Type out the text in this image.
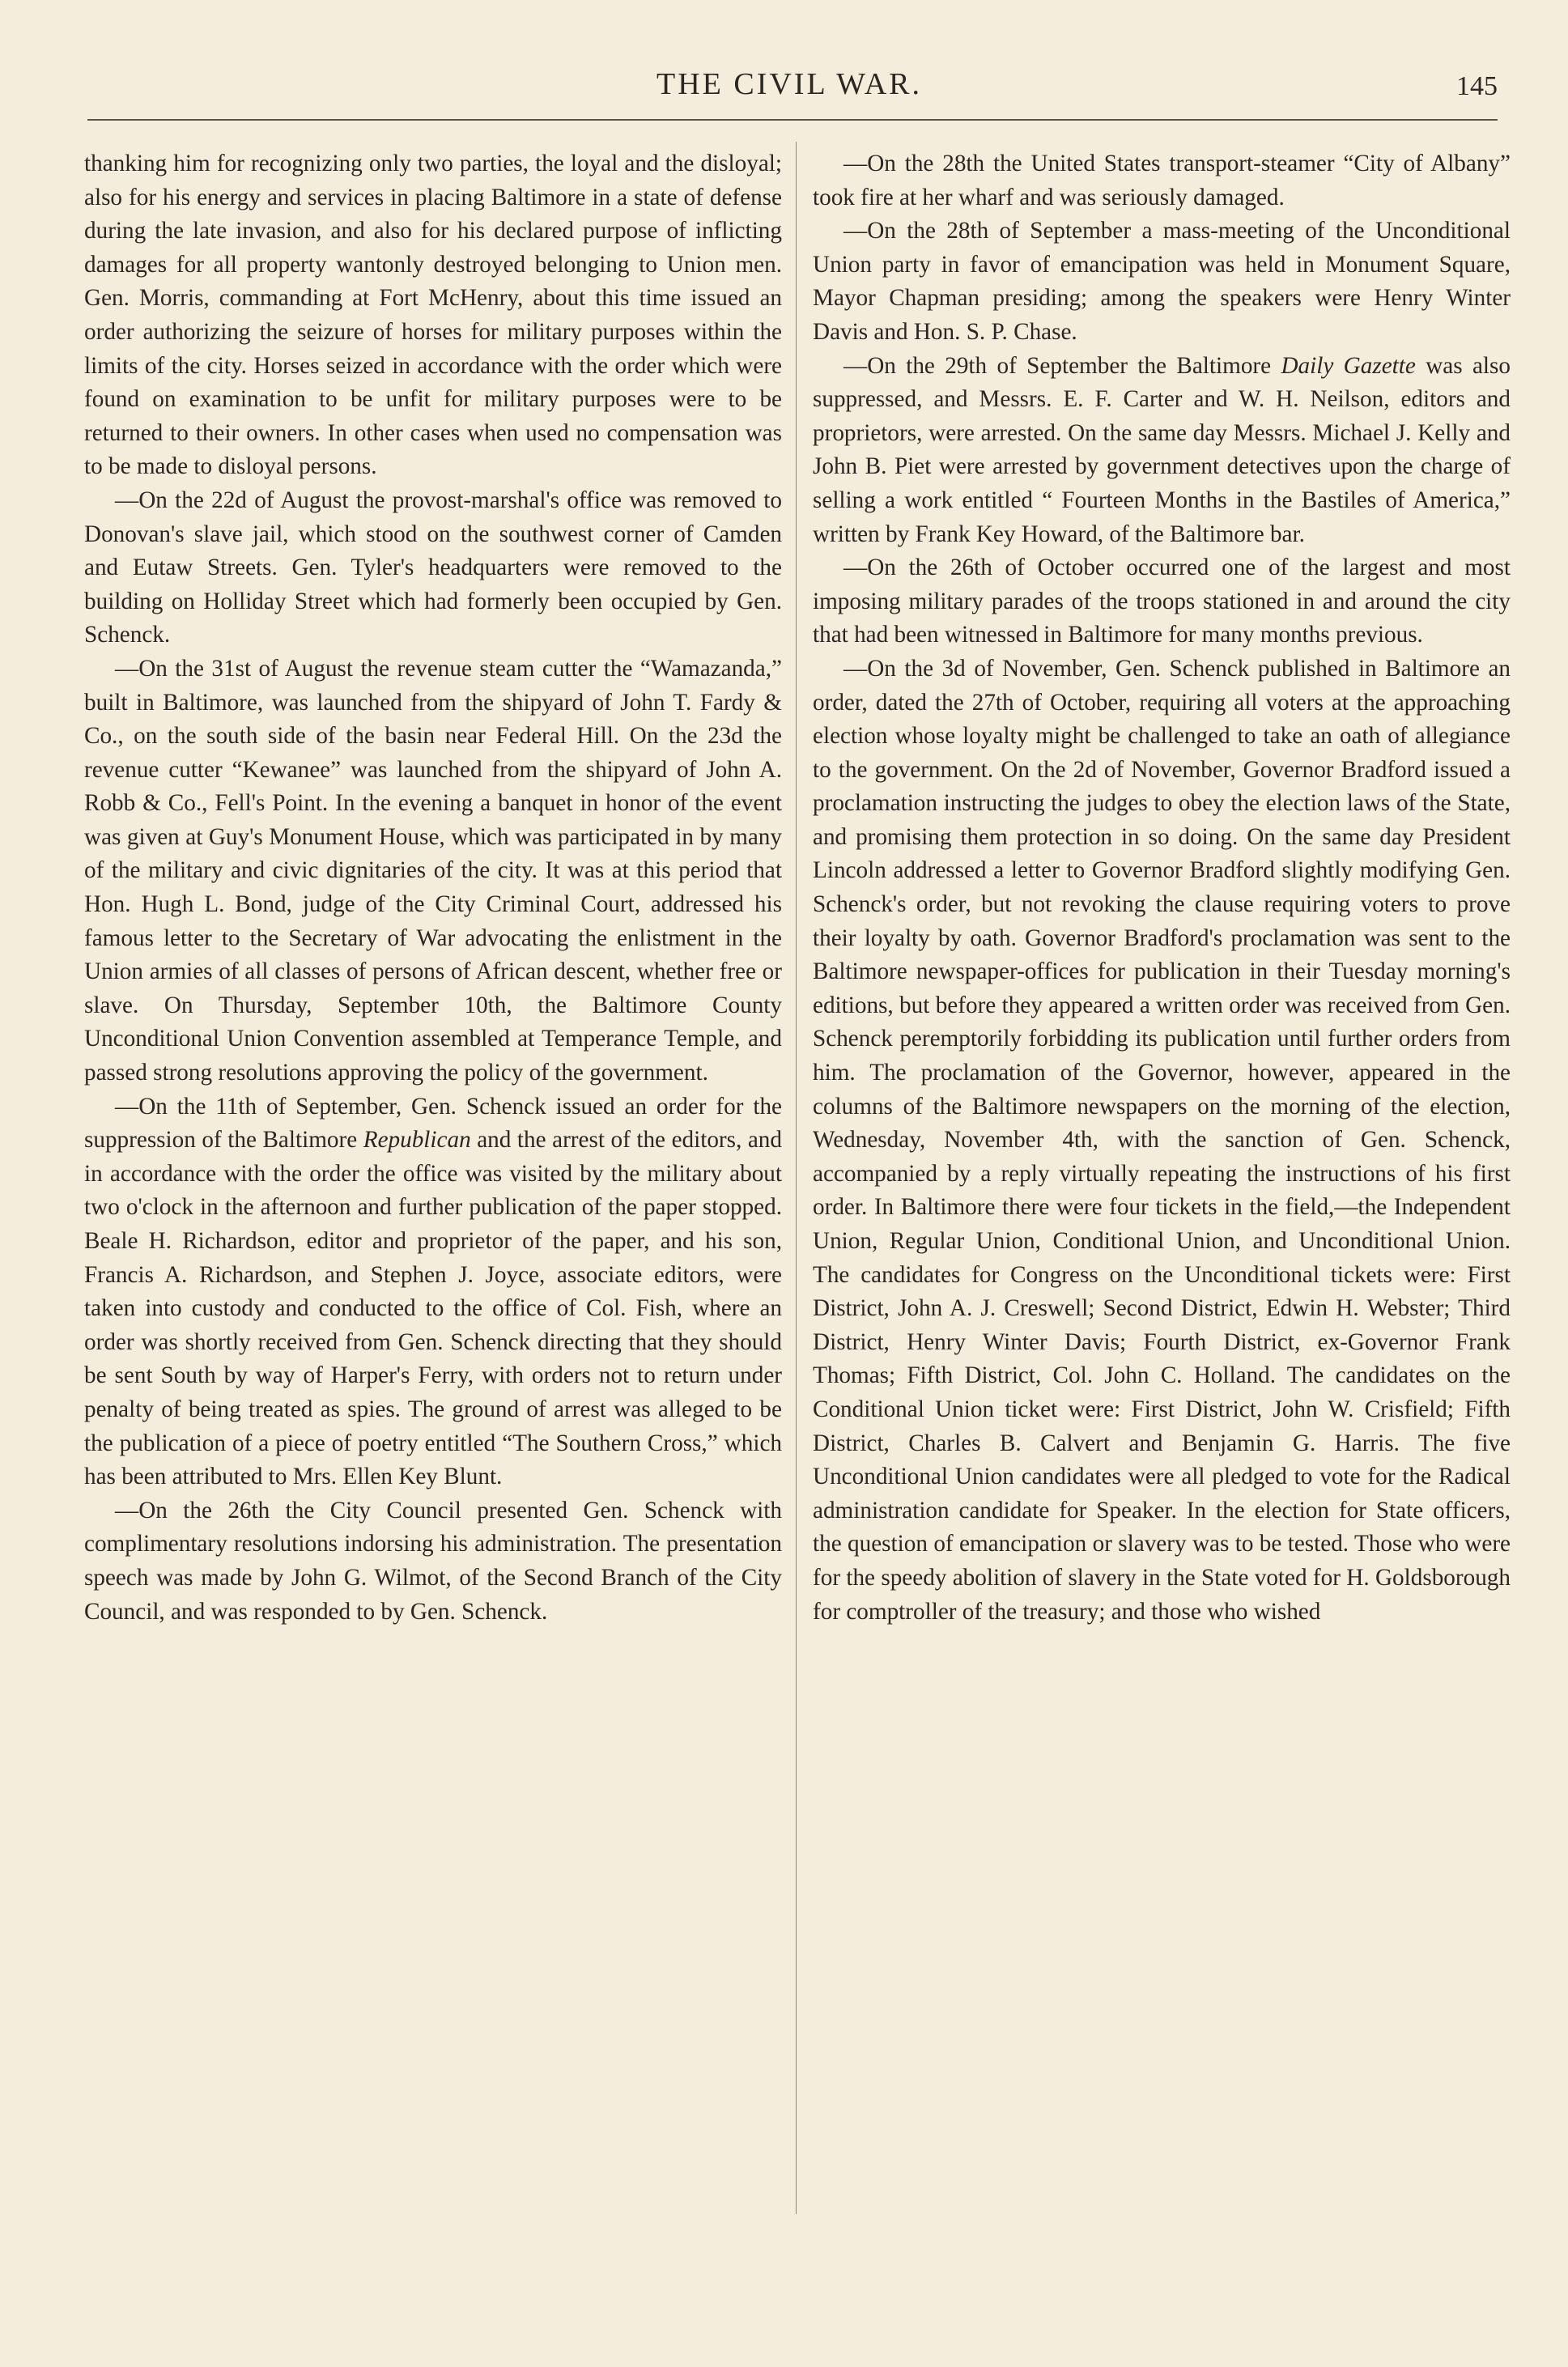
THE CIVIL WAR.	145

thanking him for recognizing only two parties, the loyal and the disloyal; also for his energy and services in placing Baltimore in a state of defense during the late invasion, and also for his declared purpose of inflicting damages for all property wantonly destroyed belonging to Union men. Gen. Morris, commanding at Fort McHenry, about this time issued an order authorizing the seizure of horses for military purposes within the limits of the city. Horses seized in accordance with the order which were found on examination to be unfit for military purposes were to be returned to their owners. In other cases when used no compensation was to be made to disloyal persons.

—On the 22d of August the provost-marshal's office was removed to Donovan's slave jail, which stood on the southwest corner of Camden and Eutaw Streets. Gen. Tyler's headquarters were removed to the building on Holliday Street which had formerly been occupied by Gen. Schenck.

—On the 31st of August the revenue steam cutter the “Wamazanda,” built in Baltimore, was launched from the shipyard of John T. Fardy & Co., on the south side of the basin near Federal Hill. On the 23d the revenue cutter “Kewanee” was launched from the shipyard of John A. Robb & Co., Fell's Point. In the evening a banquet in honor of the event was given at Guy's Monument House, which was participated in by many of the military and civic dignitaries of the city. It was at this period that Hon. Hugh L. Bond, judge of the City Criminal Court, addressed his famous letter to the Secretary of War advocating the enlistment in the Union armies of all classes of persons of African descent, whether free or slave. On Thursday, September 10th, the Baltimore County Unconditional Union Convention assembled at Temperance Temple, and passed strong resolutions approving the policy of the government.

—On the 11th of September, Gen. Schenck issued an order for the suppression of the Baltimore Republican and the arrest of the editors, and in accordance with the order the office was visited by the military about two o'clock in the afternoon and further publication of the paper stopped. Beale H. Richardson, editor and proprietor of the paper, and his son, Francis A. Richardson, and Stephen J. Joyce, associate editors, were taken into custody and conducted to the office of Col. Fish, where an order was shortly received from Gen. Schenck directing that they should be sent South by way of Harper's Ferry, with orders not to return under penalty of being treated as spies. The ground of arrest was alleged to be the publication of a piece of poetry entitled “The Southern Cross,” which has been attributed to Mrs. Ellen Key Blunt.

—On the 26th the City Council presented Gen. Schenck with complimentary resolutions indorsing his administration. The presentation speech was made by John G. Wilmot, of the Second Branch of the City Council, and was responded to by Gen. Schenck.

—On the 28th the United States transport-steamer “City of Albany” took fire at her wharf and was seriously damaged.

—On the 28th of September a mass-meeting of the Unconditional Union party in favor of emancipation was held in Monument Square, Mayor Chapman presiding; among the speakers were Henry Winter Davis and Hon. S. P. Chase.

—On the 29th of September the Baltimore Daily Gazette was also suppressed, and Messrs. E. F. Carter and W. H. Neilson, editors and proprietors, were arrested. On the same day Messrs. Michael J. Kelly and John B. Piet were arrested by government detectives upon the charge of selling a work entitled “ Fourteen Months in the Bastiles of America,” written by Frank Key Howard, of the Baltimore bar.

—On the 26th of October occurred one of the largest and most imposing military parades of the troops stationed in and around the city that had been witnessed in Baltimore for many months previous.

—On the 3d of November, Gen. Schenck published in Baltimore an order, dated the 27th of October, requiring all voters at the approaching election whose loyalty might be challenged to take an oath of allegiance to the government. On the 2d of November, Governor Bradford issued a proclamation instructing the judges to obey the election laws of the State, and promising them protection in so doing. On the same day President Lincoln addressed a letter to Governor Bradford slightly modifying Gen. Schenck's order, but not revoking the clause requiring voters to prove their loyalty by oath. Governor Bradford's proclamation was sent to the Baltimore newspaper-offices for publication in their Tuesday morning's editions, but before they appeared a written order was received from Gen. Schenck peremptorily forbidding its publication until further orders from him. The proclamation of the Governor, however, appeared in the columns of the Baltimore newspapers on the morning of the election, Wednesday, November 4th, with the sanction of Gen. Schenck, accompanied by a reply virtually repeating the instructions of his first order. In Baltimore there were four tickets in the field,—the Independent Union, Regular Union, Conditional Union, and Unconditional Union. The candidates for Congress on the Unconditional tickets were: First District, John A. J. Creswell; Second District, Edwin H. Webster; Third District, Henry Winter Davis; Fourth District, ex-Governor Frank Thomas; Fifth District, Col. John C. Holland. The candidates on the Conditional Union ticket were: First District, John W. Crisfield; Fifth District, Charles B. Calvert and Benjamin G. Harris. The five Unconditional Union candidates were all pledged to vote for the Radical administration candidate for Speaker. In the election for State officers, the question of emancipation or slavery was to be tested. Those who were for the speedy abolition of slavery in the State voted for H. Goldsborough for comptroller of the treasury; and those who wished
